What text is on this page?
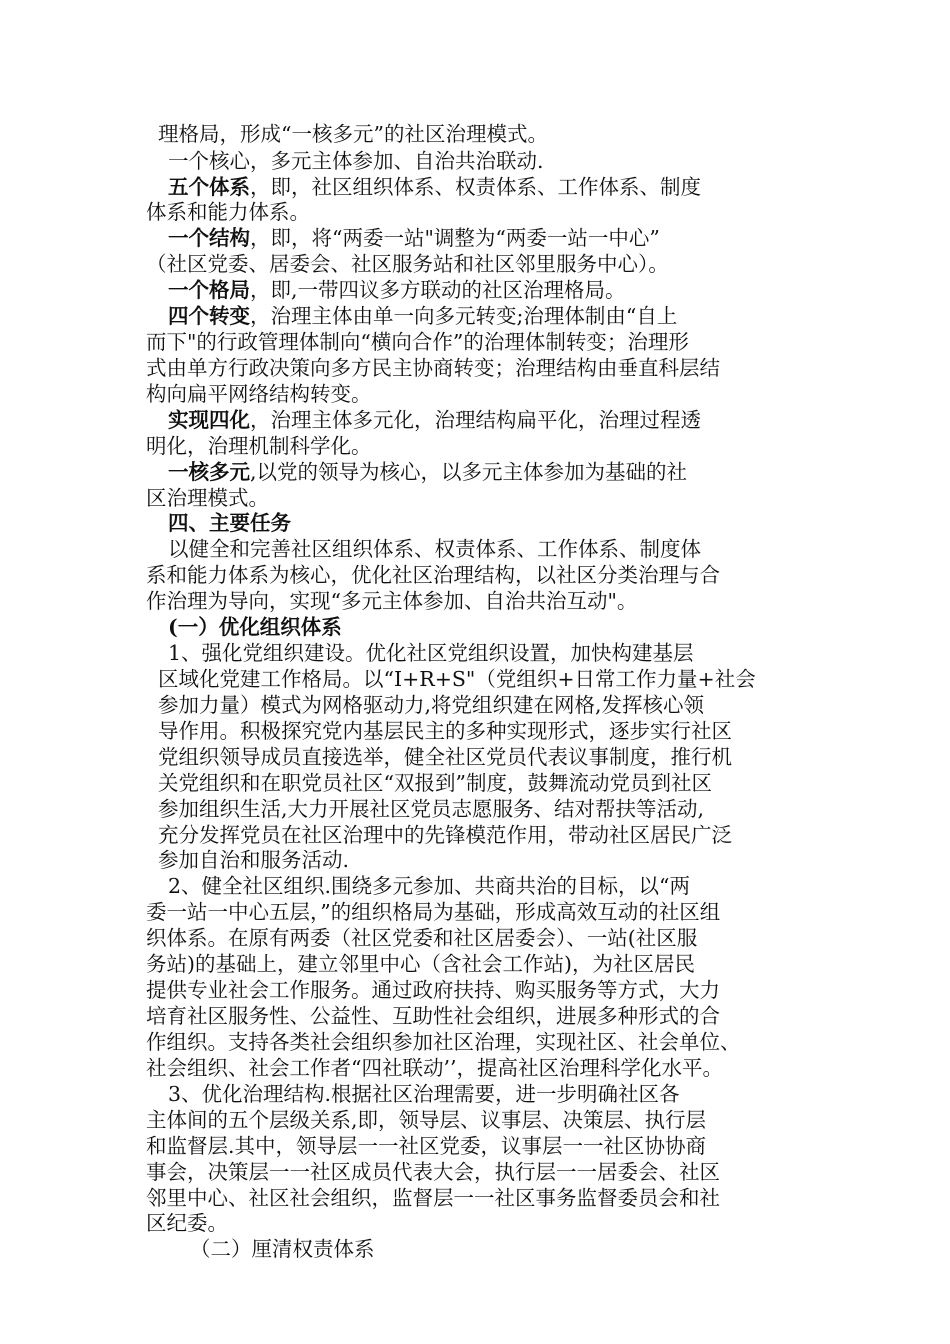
理格局，形成“一核多元”的社区治理模式。
一个核心，多元主体参加、自治共治联动.
五个体系，即，社区组织体系、权责体系、工作体系、制度
体系和能力体系。
一个结构，即，将“两委一站"调整为“两委一站一中心”
（社区党委、居委会、社区服务站和社区邻里服务中心）。
一个格局，即,一带四议多方联动的社区治理格局。
四个转变，治理主体由单一向多元转变;治理体制由“自上
而下"的行政管理体制向“横向合作”的治理体制转变；治理形
式由单方行政决策向多方民主协商转变；治理结构由垂直科层结
构向扁平网络结构转变。
实现四化，治理主体多元化，治理结构扁平化，治理过程透
明化，治理机制科学化。
一核多元,以党的领导为核心，以多元主体参加为基础的社
区治理模式。
四、主要任务
以健全和完善社区组织体系、权责体系、工作体系、制度体
系和能力体系为核心，优化社区治理结构，以社区分类治理与合
作治理为导向，实现“多元主体参加、自治共治互动"。
(一）优化组织体系
1、强化党组织建设。优化社区党组织设置，加快构建基层
区域化党建工作格局。以“I+R+S"（党组织+日常工作力量+社会
参加力量）模式为网格驱动力,将党组织建在网格,发挥核心领
导作用。积极探究党内基层民主的多种实现形式，逐步实行社区
党组织领导成员直接选举，健全社区党员代表议事制度，推行机
关党组织和在职党员社区“双报到”制度，鼓舞流动党员到社区
参加组织生活,大力开展社区党员志愿服务、结对帮扶等活动,
充分发挥党员在社区治理中的先锋模范作用，带动社区居民广泛
参加自治和服务活动.
2、健全社区组织.围绕多元参加、共商共治的目标，以“两
委一站一中心五层，”的组织格局为基础，形成高效互动的社区组
织体系。在原有两委（社区党委和社区居委会）、一站(社区服
务站)的基础上，建立邻里中心（含社会工作站)，为社区居民
提供专业社会工作服务。通过政府扶持、购买服务等方式，大力
培育社区服务性、公益性、互助性社会组织，进展多种形式的合
作组织。支持各类社会组织参加社区治理，实现社区、社会单位、
社会组织、社会工作者“四社联动’’，提高社区治理科学化水平。
3、优化治理结构.根据社区治理需要，进一步明确社区各
主体间的五个层级关系,即，领导层、议事层、决策层、执行层
和监督层.其中，领导层一一社区党委，议事层一一社区协协商
事会，决策层一一社区成员代表大会，执行层一一居委会、社区
邻里中心、社区社会组织，监督层一一社区事务监督委员会和社
区纪委。
（二）厘清权责体系
